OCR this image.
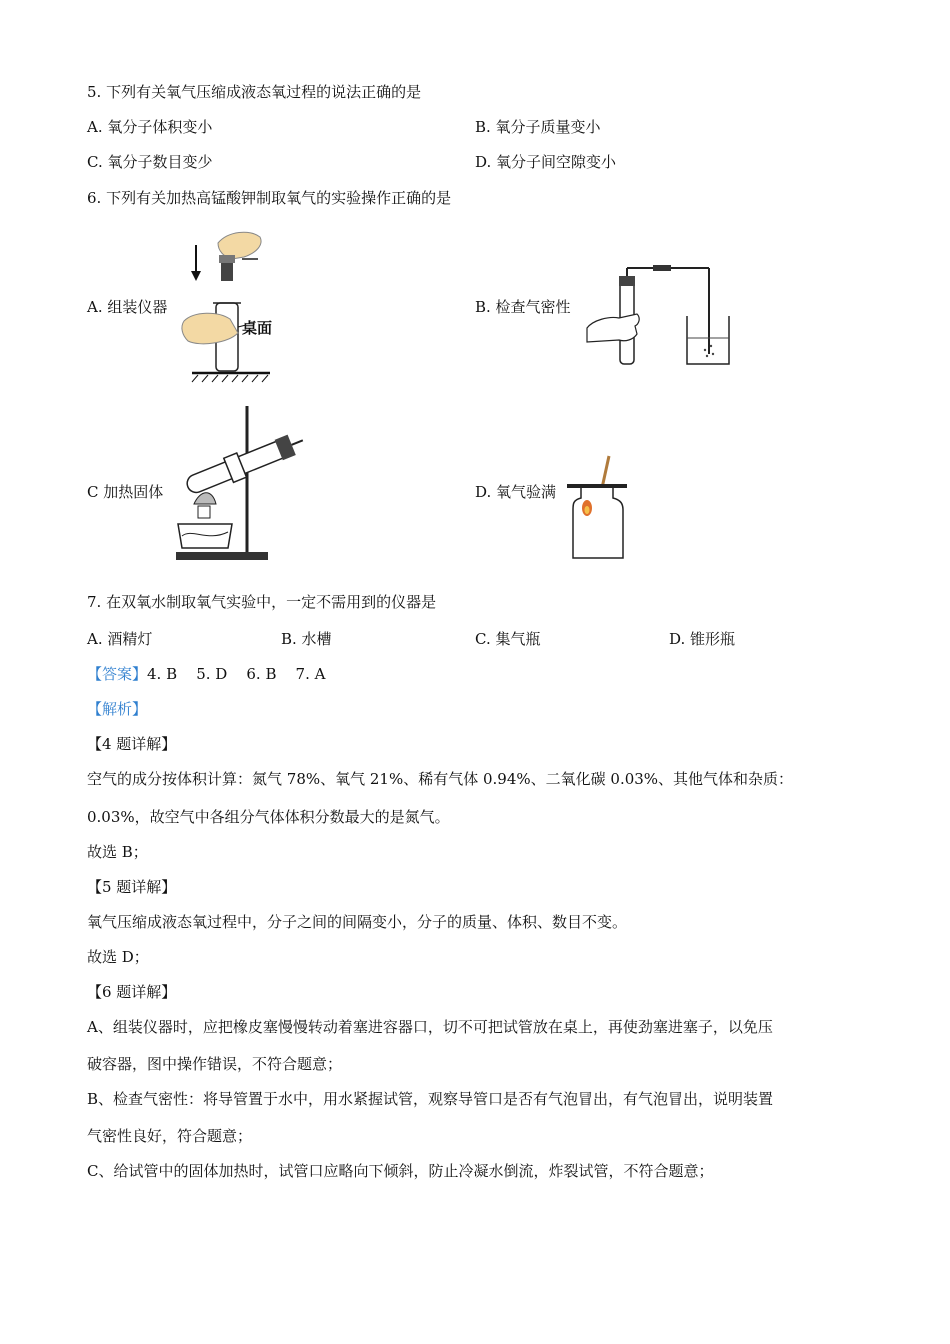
5. 下列有关氧气压缩成液态氧过程的说法正确的是
A. 氧分子体积变小	B. 氧分子质量变小
C. 氧分子数目变少	D. 氧分子间空隙变小
6. 下列有关加热高锰酸钾制取氧气的实验操作正确的是
A. 组装仪器
桌面
B. 检查气密性
C 加热固体	D. 氧气验满
7. 在双氧水制取氧气实验中，一定不需用到的仪器是
A. 酒精灯	B. 水槽	C. 集气瓶	D. 锥形瓶
【答案】4. B    5. D    6. B    7. A
【解析】
【4 题详解】
空气的成分按体积计算：氮气 78%、氧气 21%、稀有气体 0.94%、二氧化碳 0.03%、其他气体和杂质：
0.03%，故空气中各组分气体体积分数最大的是氮气。
故选 B；
【5 题详解】
氧气压缩成液态氧过程中，分子之间的间隔变小，分子的质量、体积、数目不变。
故选 D；
【6 题详解】
A、组装仪器时，应把橡皮塞慢慢转动着塞进容器口，切不可把试管放在桌上，再使劲塞进塞子，以免压
破容器，图中操作错误，不符合题意；
B、检查气密性：将导管置于水中，用水紧握试管，观察导管口是否有气泡冒出，有气泡冒出，说明装置
气密性良好，符合题意；
C、给试管中的固体加热时，试管口应略向下倾斜，防止冷凝水倒流，炸裂试管，不符合题意；
